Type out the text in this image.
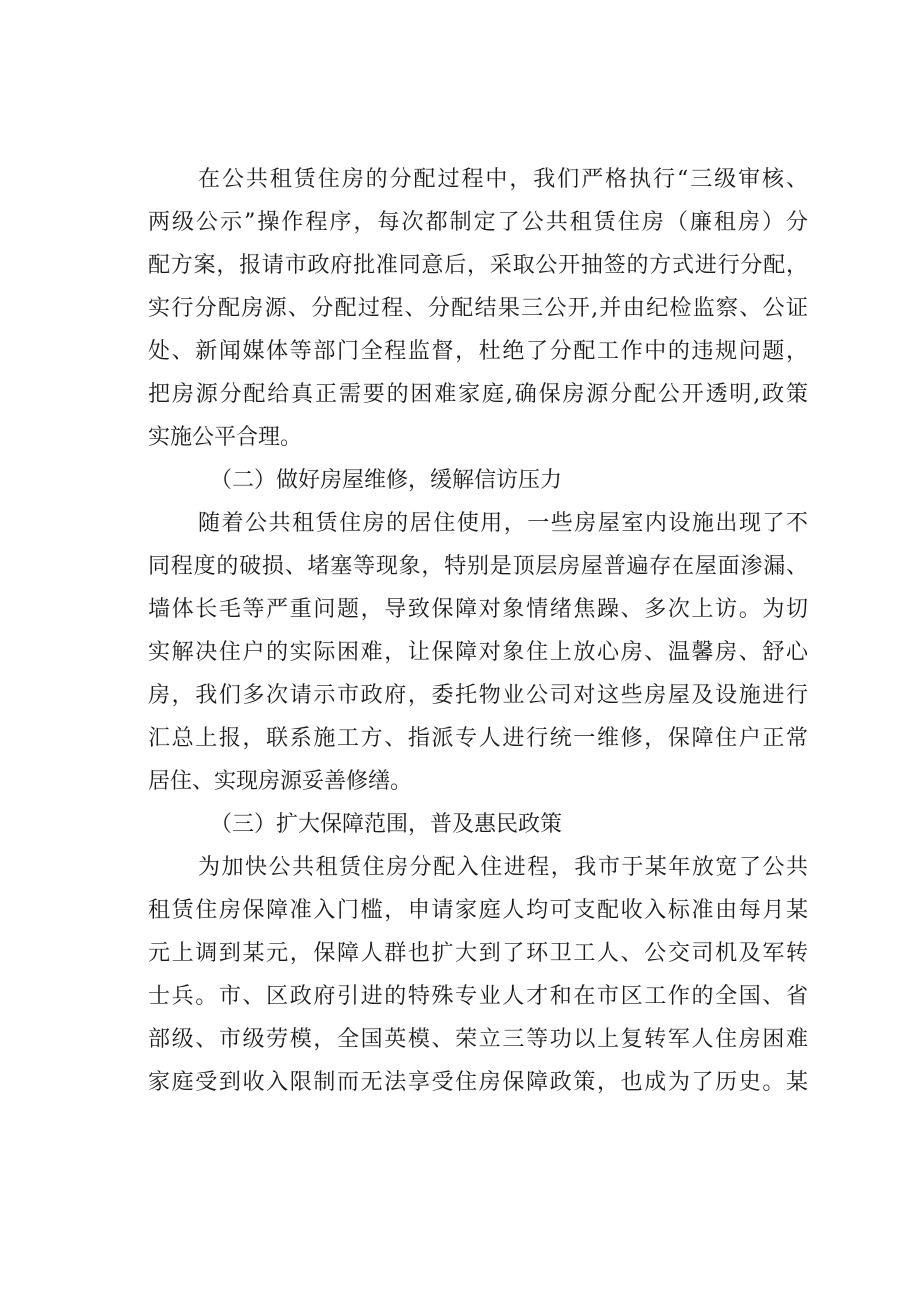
在公共租赁住房的分配过程中，我们严格执行“三级审核、
两级公示”操作程序，每次都制定了公共租赁住房（廉租房）分
配方案，报请市政府批准同意后，采取公开抽签的方式进行分配，
实行分配房源、分配过程、分配结果三公开,并由纪检监察、公证
处、新闻媒体等部门全程监督，杜绝了分配工作中的违规问题，
把房源分配给真正需要的困难家庭,确保房源分配公开透明,政策
实施公平合理。
（二）做好房屋维修，缓解信访压力
随着公共租赁住房的居住使用，一些房屋室内设施出现了不
同程度的破损、堵塞等现象，特别是顶层房屋普遍存在屋面渗漏、
墙体长毛等严重问题，导致保障对象情绪焦躁、多次上访。为切
实解决住户的实际困难，让保障对象住上放心房、温馨房、舒心
房，我们多次请示市政府，委托物业公司对这些房屋及设施进行
汇总上报，联系施工方、指派专人进行统一维修，保障住户正常
居住、实现房源妥善修缮。
（三）扩大保障范围，普及惠民政策
为加快公共租赁住房分配入住进程，我市于某年放宽了公共
租赁住房保障准入门槛，申请家庭人均可支配收入标准由每月某
元上调到某元，保障人群也扩大到了环卫工人、公交司机及军转
士兵。市、区政府引进的特殊专业人才和在市区工作的全国、省
部级、市级劳模，全国英模、荣立三等功以上复转军人住房困难
家庭受到收入限制而无法享受住房保障政策，也成为了历史。某
